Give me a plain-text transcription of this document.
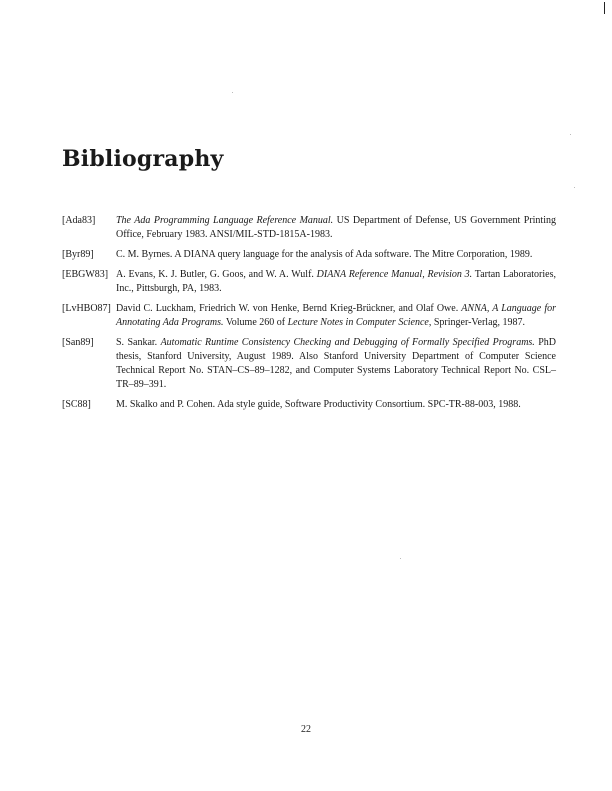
Bibliography
[Ada83] The Ada Programming Language Reference Manual. US Department of Defense, US Government Printing Office, February 1983. ANSI/MIL-STD-1815A-1983.
[Byr89] C. M. Byrnes. A DIANA query language for the analysis of Ada software. The Mitre Corporation, 1989.
[EBGW83] A. Evans, K. J. Butler, G. Goos, and W. A. Wulf. DIANA Reference Manual, Revision 3. Tartan Laboratories, Inc., Pittsburgh, PA, 1983.
[LvHBO87] David C. Luckham, Friedrich W. von Henke, Bernd Krieg-Brückner, and Olaf Owe. ANNA, A Language for Annotating Ada Programs. Volume 260 of Lecture Notes in Computer Science, Springer-Verlag, 1987.
[San89] S. Sankar. Automatic Runtime Consistency Checking and Debugging of Formally Specified Programs. PhD thesis, Stanford University, August 1989. Also Stanford University Department of Computer Science Technical Report No. STAN–CS–89–1282, and Computer Systems Laboratory Technical Report No. CSL–TR–89–391.
[SC88]	M. Skalko and P. Cohen. Ada style guide, Software Productivity Consortium. SPC-TR-88-003, 1988.
22
